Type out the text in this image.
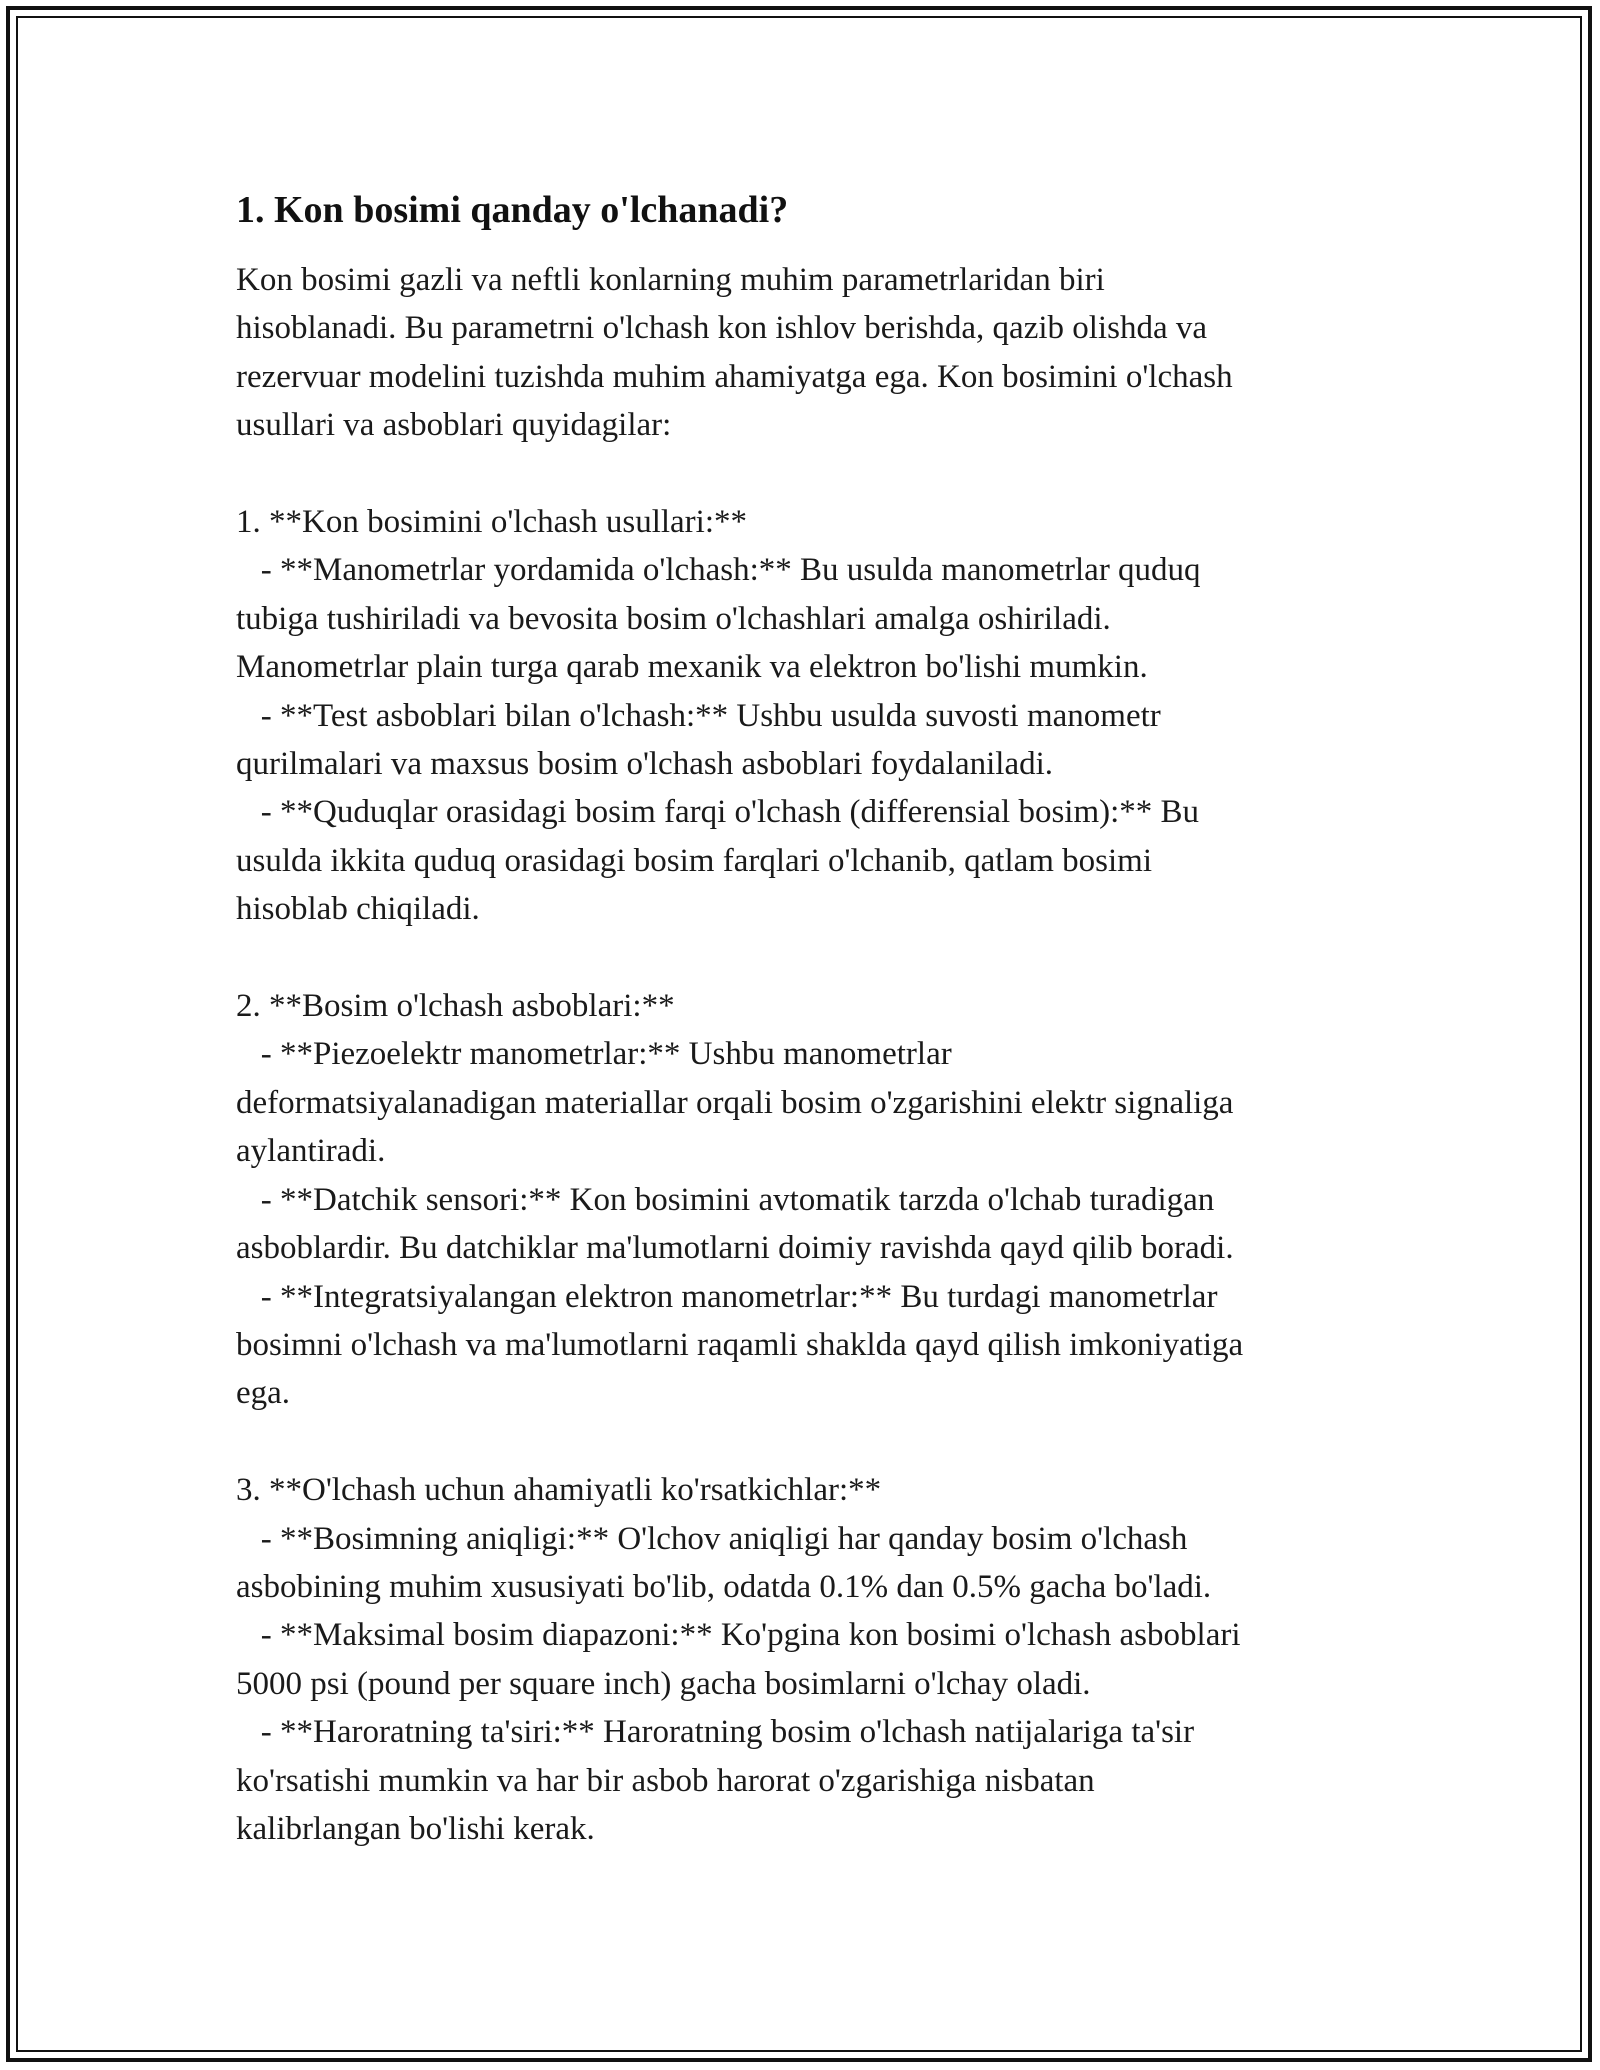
1. Kon bosimi qanday o'lchanadi?
Kon bosimi gazli va neftli konlarning muhim parametrlaridan biri
hisoblanadi. Bu parametrni o'lchash kon ishlov berishda, qazib olishda va
rezervuar modelini tuzishda muhim ahamiyatga ega. Kon bosimini o'lchash
usullari va asboblari quyidagilar:
1. **Kon bosimini o'lchash usullari:**
- **Manometrlar yordamida o'lchash:** Bu usulda manometrlar quduq
tubiga tushiriladi va bevosita bosim o'lchashlari amalga oshiriladi.
Manometrlar plain turga qarab mexanik va elektron bo'lishi mumkin.
- **Test asboblari bilan o'lchash:** Ushbu usulda suvosti manometr
qurilmalari va maxsus bosim o'lchash asboblari foydalaniladi.
- **Quduqlar orasidagi bosim farqi o'lchash (differensial bosim):** Bu
usulda ikkita quduq orasidagi bosim farqlari o'lchanib, qatlam bosimi
hisoblab chiqiladi.
2. **Bosim o'lchash asboblari:**
- **Piezoelektr manometrlar:** Ushbu manometrlar
deformatsiyalanadigan materiallar orqali bosim o'zgarishini elektr signaliga
aylantiradi.
- **Datchik sensori:** Kon bosimini avtomatik tarzda o'lchab turadigan
asboblardir. Bu datchiklar ma'lumotlarni doimiy ravishda qayd qilib boradi.
- **Integratsiyalangan elektron manometrlar:** Bu turdagi manometrlar
bosimni o'lchash va ma'lumotlarni raqamli shaklda qayd qilish imkoniyatiga
ega.
3. **O'lchash uchun ahamiyatli ko'rsatkichlar:**
- **Bosimning aniqligi:** O'lchov aniqligi har qanday bosim o'lchash
asbobining muhim xususiyati bo'lib, odatda 0.1% dan 0.5% gacha bo'ladi.
- **Maksimal bosim diapazoni:** Ko'pgina kon bosimi o'lchash asboblari
5000 psi (pound per square inch) gacha bosimlarni o'lchay oladi.
- **Haroratning ta'siri:** Haroratning bosim o'lchash natijalariga ta'sir
ko'rsatishi mumkin va har bir asbob harorat o'zgarishiga nisbatan
kalibrlangan bo'lishi kerak.
